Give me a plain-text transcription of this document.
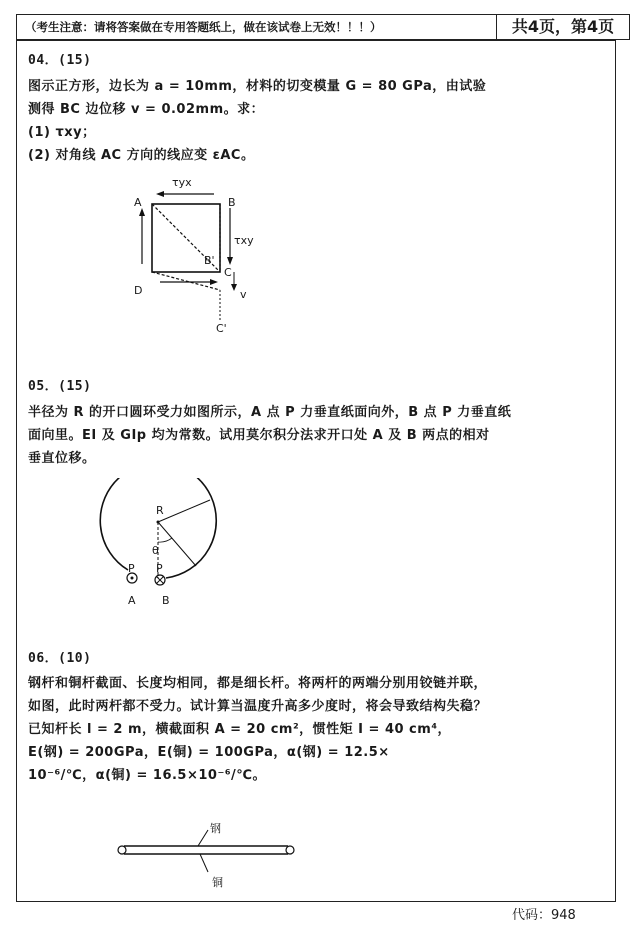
（考生注意：请将答案做在专用答题纸上，做在该试卷上无效！！！）	共4页，第4页
04．(15)
图示正方形，边长为 a = 10mm，材料的切变模量 G = 80 GPa，由试验
测得 BC 边位移 v = 0.02mm。求：
(1) τxy；
(2) 对角线 AC 方向的线应变 εAC。
A	B
D
B'
C
C'
v
τyx
τxy
05．(15)
半径为 R 的开口圆环受力如图所示，A 点 P 力垂直纸面向外，B 点 P 力垂直纸
面向里。EI 及 GIp 均为常数。试用莫尔积分法求开口处 A 及 B 两点的相对
垂直位移。
R
θ
P P
A B
06．(10)
钢杆和铜杆截面、长度均相同，都是细长杆。将两杆的两端分别用铰链并联，
如图，此时两杆都不受力。试计算当温度升高多少度时，将会导致结构失稳？
已知杆长 l = 2 m，横截面积 A = 20 cm²，惯性矩 I = 40 cm⁴，
E(钢) = 200GPa，E(铜) = 100GPa，α(钢) = 12.5×
10⁻⁶/℃，α(铜) = 16.5×10⁻⁶/℃。
钢
铜
代码：948
